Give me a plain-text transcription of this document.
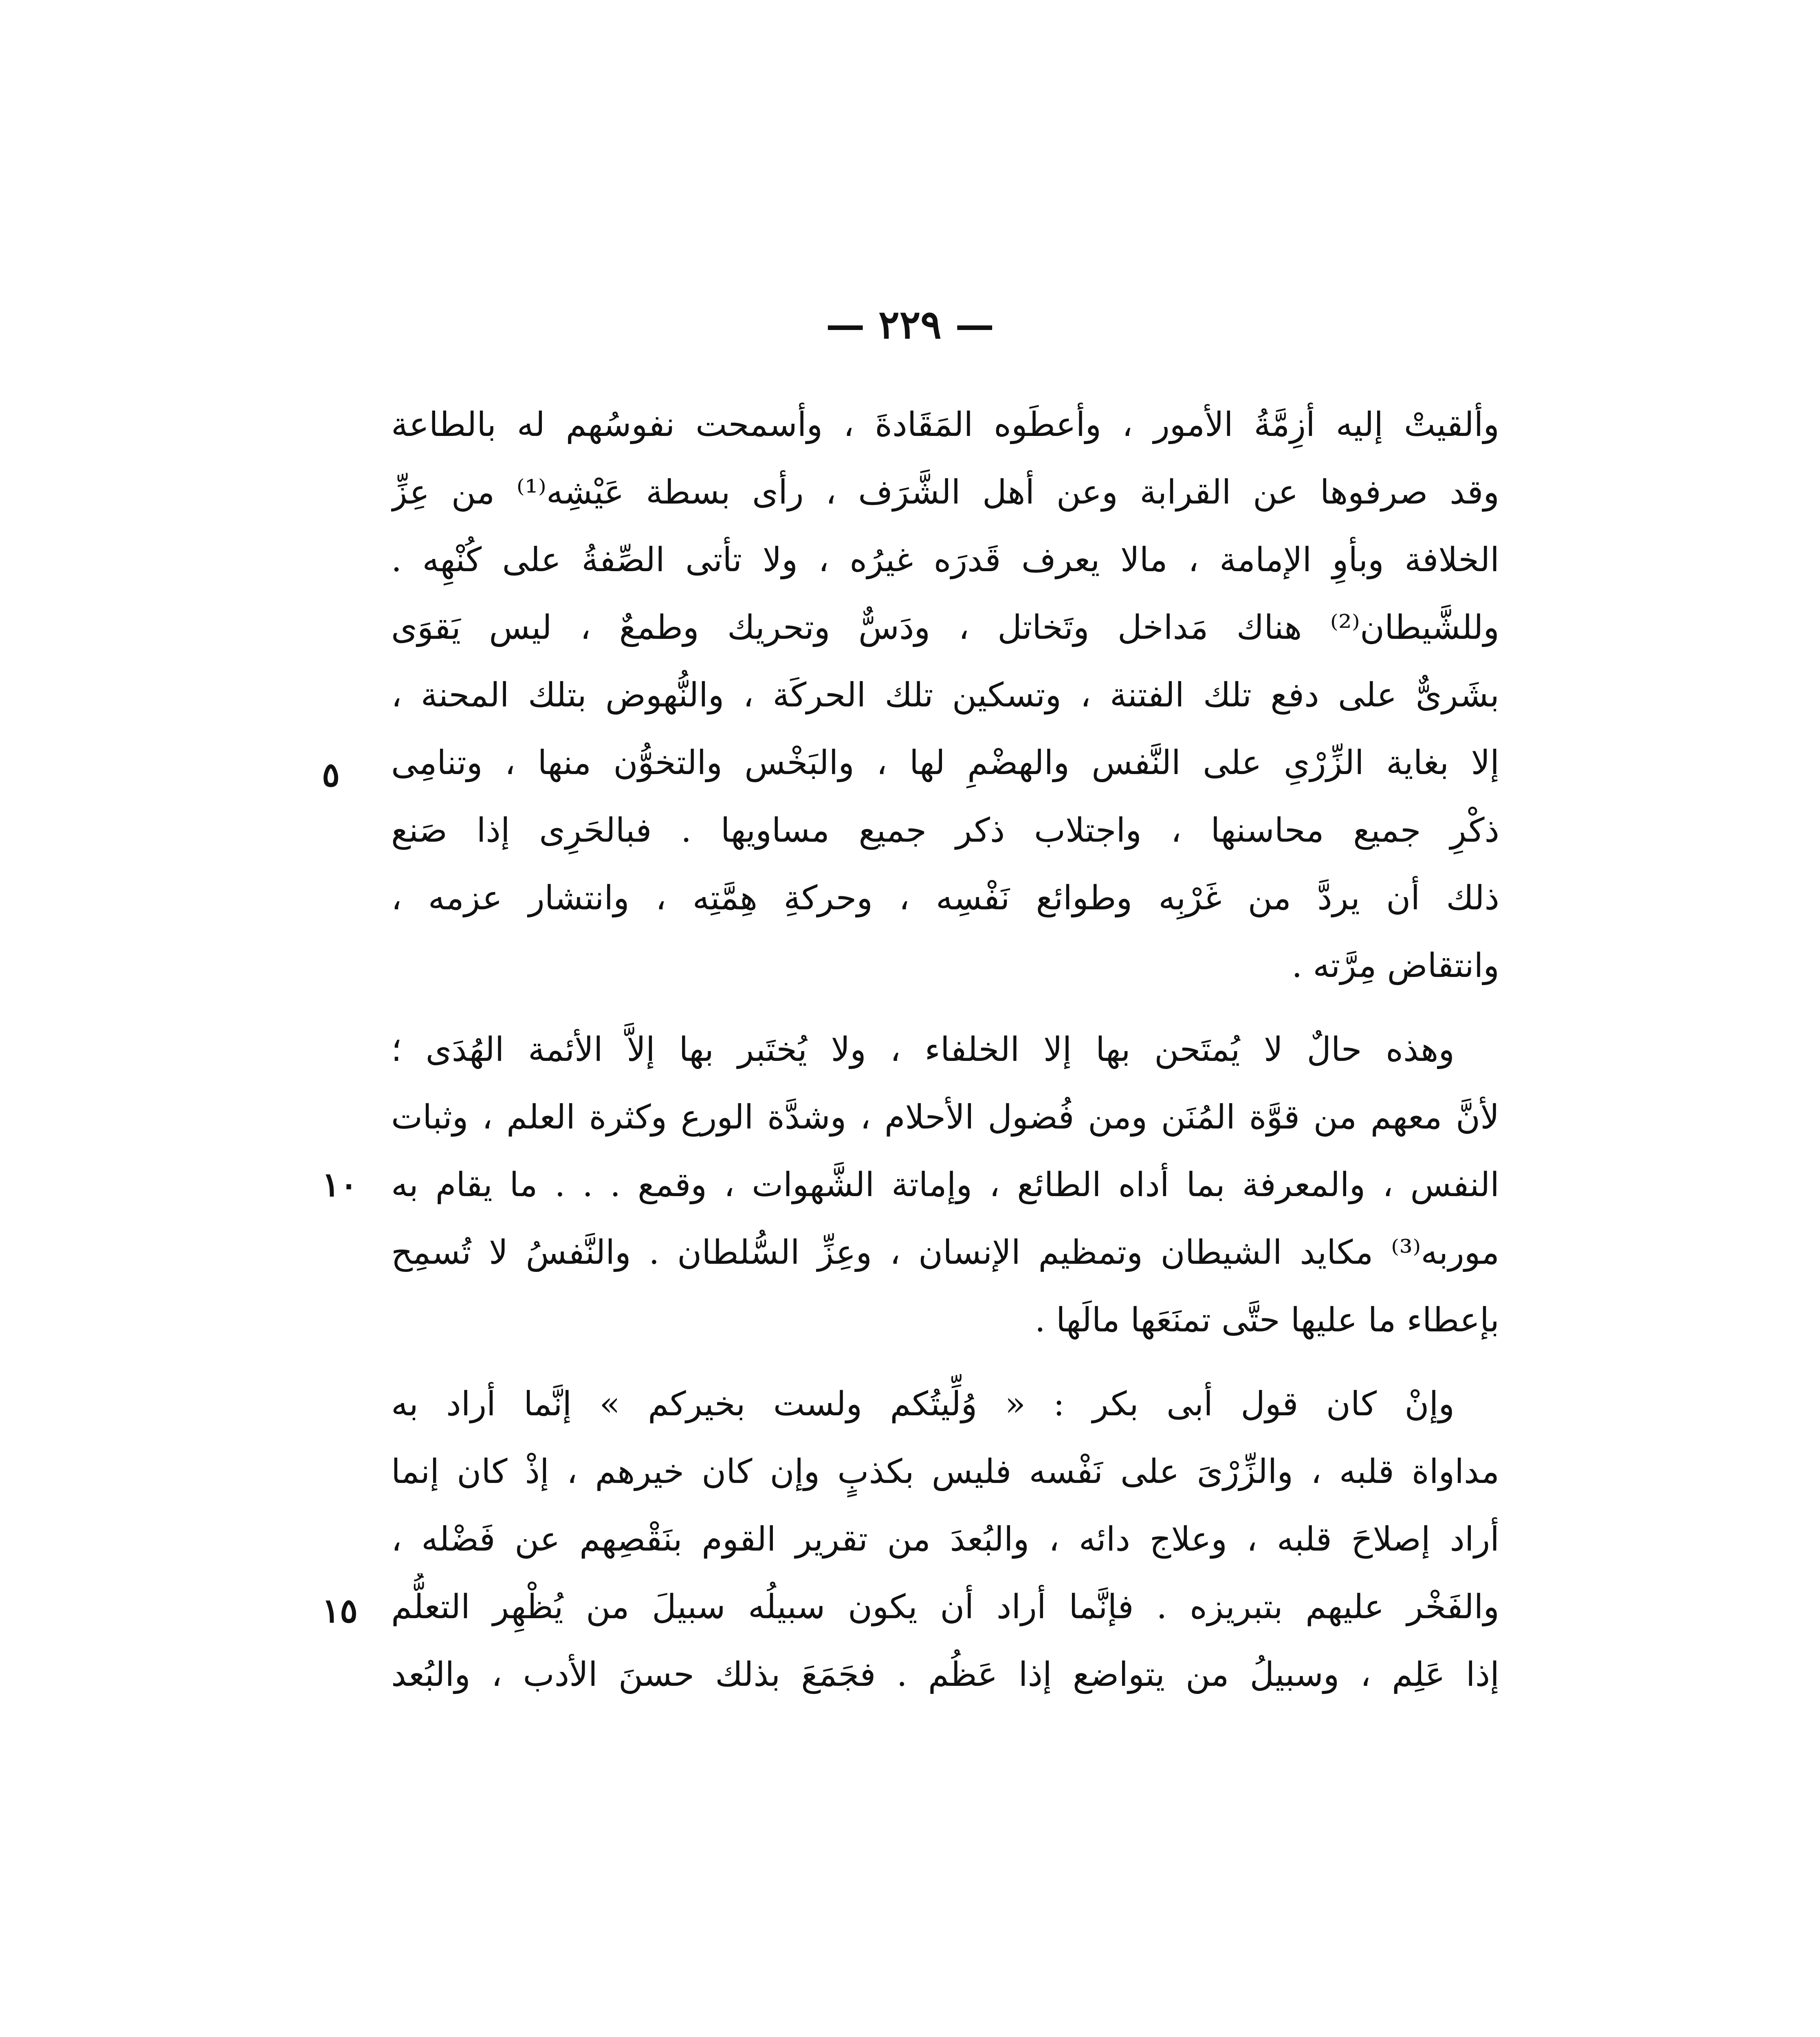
— ٢٢٩ —
وألقيتْ إليه أزِمَّةُ الأمور ، وأعطَوه المَقَادةَ ، وأسمحت نفوسُهم له بالطاعة
وقد صرفوها عن القرابة وعن أهل الشَّرَف ، رأى بسطة عَيْشِه⁽¹⁾ من عِزِّ
الخلافة وبأوِ الإمامة ، مالا يعرف قَدرَه غيرُه ، ولا تأتى الصِّفةُ على كُنْهِه .
وللشَّيطان⁽²⁾ هناك مَداخل وتَخاتل ، ودَسٌّ وتحريك وطمعٌ ، ليس يَقوَى
بشَرىٌّ على دفع تلك الفتنة ، وتسكين تلك الحركَة ، والنُّهوض بتلك المحنة ،
إلا بغاية الزِّرْىِ على النَّفس والهضْمِ لها ، والبَخْس والتخوُّن منها ، وتنامِى
ذكْرِ جميع محاسنها ، واجتلاب ذكر جميع مساويها . فبالحَرِى إذا صَنع
ذلك أن يردَّ من غَرْبِه وطوائع نَفْسِه ، وحركةِ هِمَّتِه ، وانتشار عزمه ،
وانتقاض مِرَّته .
وهذه حالٌ لا يُمتَحن بها إلا الخلفاء ، ولا يُختَبر بها إلاَّ الأئمة الهُدَى ؛
لأنَّ معهم من قوَّة المُنَن ومن فُضول الأحلام ، وشدَّة الورع وكثرة العلم ، وثبات
النفس ، والمعرفة بما أداه الطائع ، وإماتة الشَّهوات ، وقمع . . . ما يقام به
موربه⁽³⁾ مكايد الشيطان وتمظيم الإنسان ، وعِزِّ السُّلطان . والنَّفسُ لا تُسمِح
بإعطاء ما عليها حتَّى تمنَعَها مالَها .
وإنْ كان قول أبى بكر : « وُلِّيتُكم ولست بخيركم » إنَّما أراد به
مداواة قلبه ، والزِّرْىَ على نَفْسه فليس بكذبٍ وإن كان خيرهم ، إذْ كان إنما
أراد إصلاحَ قلبه ، وعلاج دائه ، والبُعدَ من تقرير القوم بنَقْصِهم عن فَضْله ،
والفَخْر عليهم بتبريزه . فإنَّما أراد أن يكون سبيلُه سبيلَ من يُظْهِر التعلُّم
إذا عَلِم ، وسبيلُ من يتواضع إذا عَظُم . فجَمَعَ بذلك حسنَ الأدب ، والبُعد
٥
١٠
١٥
